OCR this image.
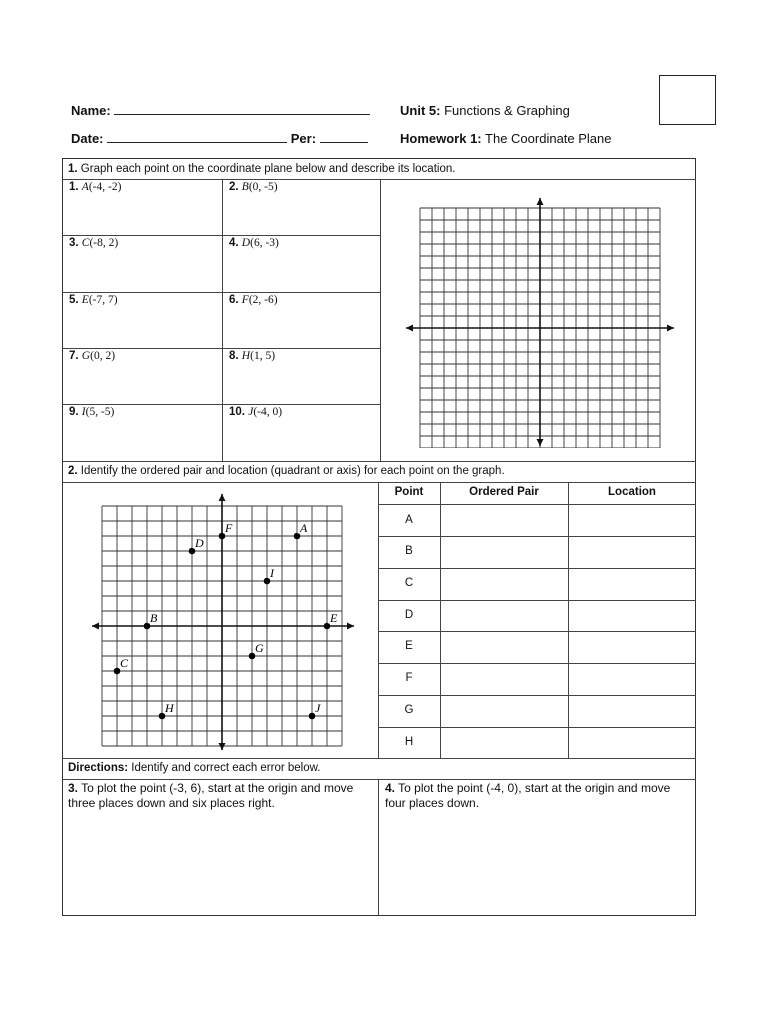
Name:
Date:	Per:
Unit 5: Functions & Graphing
Homework 1: The Coordinate Plane
1. Graph each point on the coordinate plane below and describe its location.
1. A(-4, -2)	2. B(0, -5)
3. C(-8, 2)	4. D(6, -3)
5. E(-7, 7)	6. F(2, -6)
7. G(0, 2)	8. H(1, 5)
9. I(5, -5)	10. J(-4, 0)
2. Identify the ordered pair and location (quadrant or axis) for each point on the graph.
Point	Ordered Pair	Location
A
B
C
D
E
F
G
H
A
B
C
D
E
F
G
H
I
J
Directions: Identify and correct each error below.
3. To plot the point (-3, 6), start at the origin and move three places down and six places right.
4. To plot the point (-4, 0), start at the origin and move four places down.
